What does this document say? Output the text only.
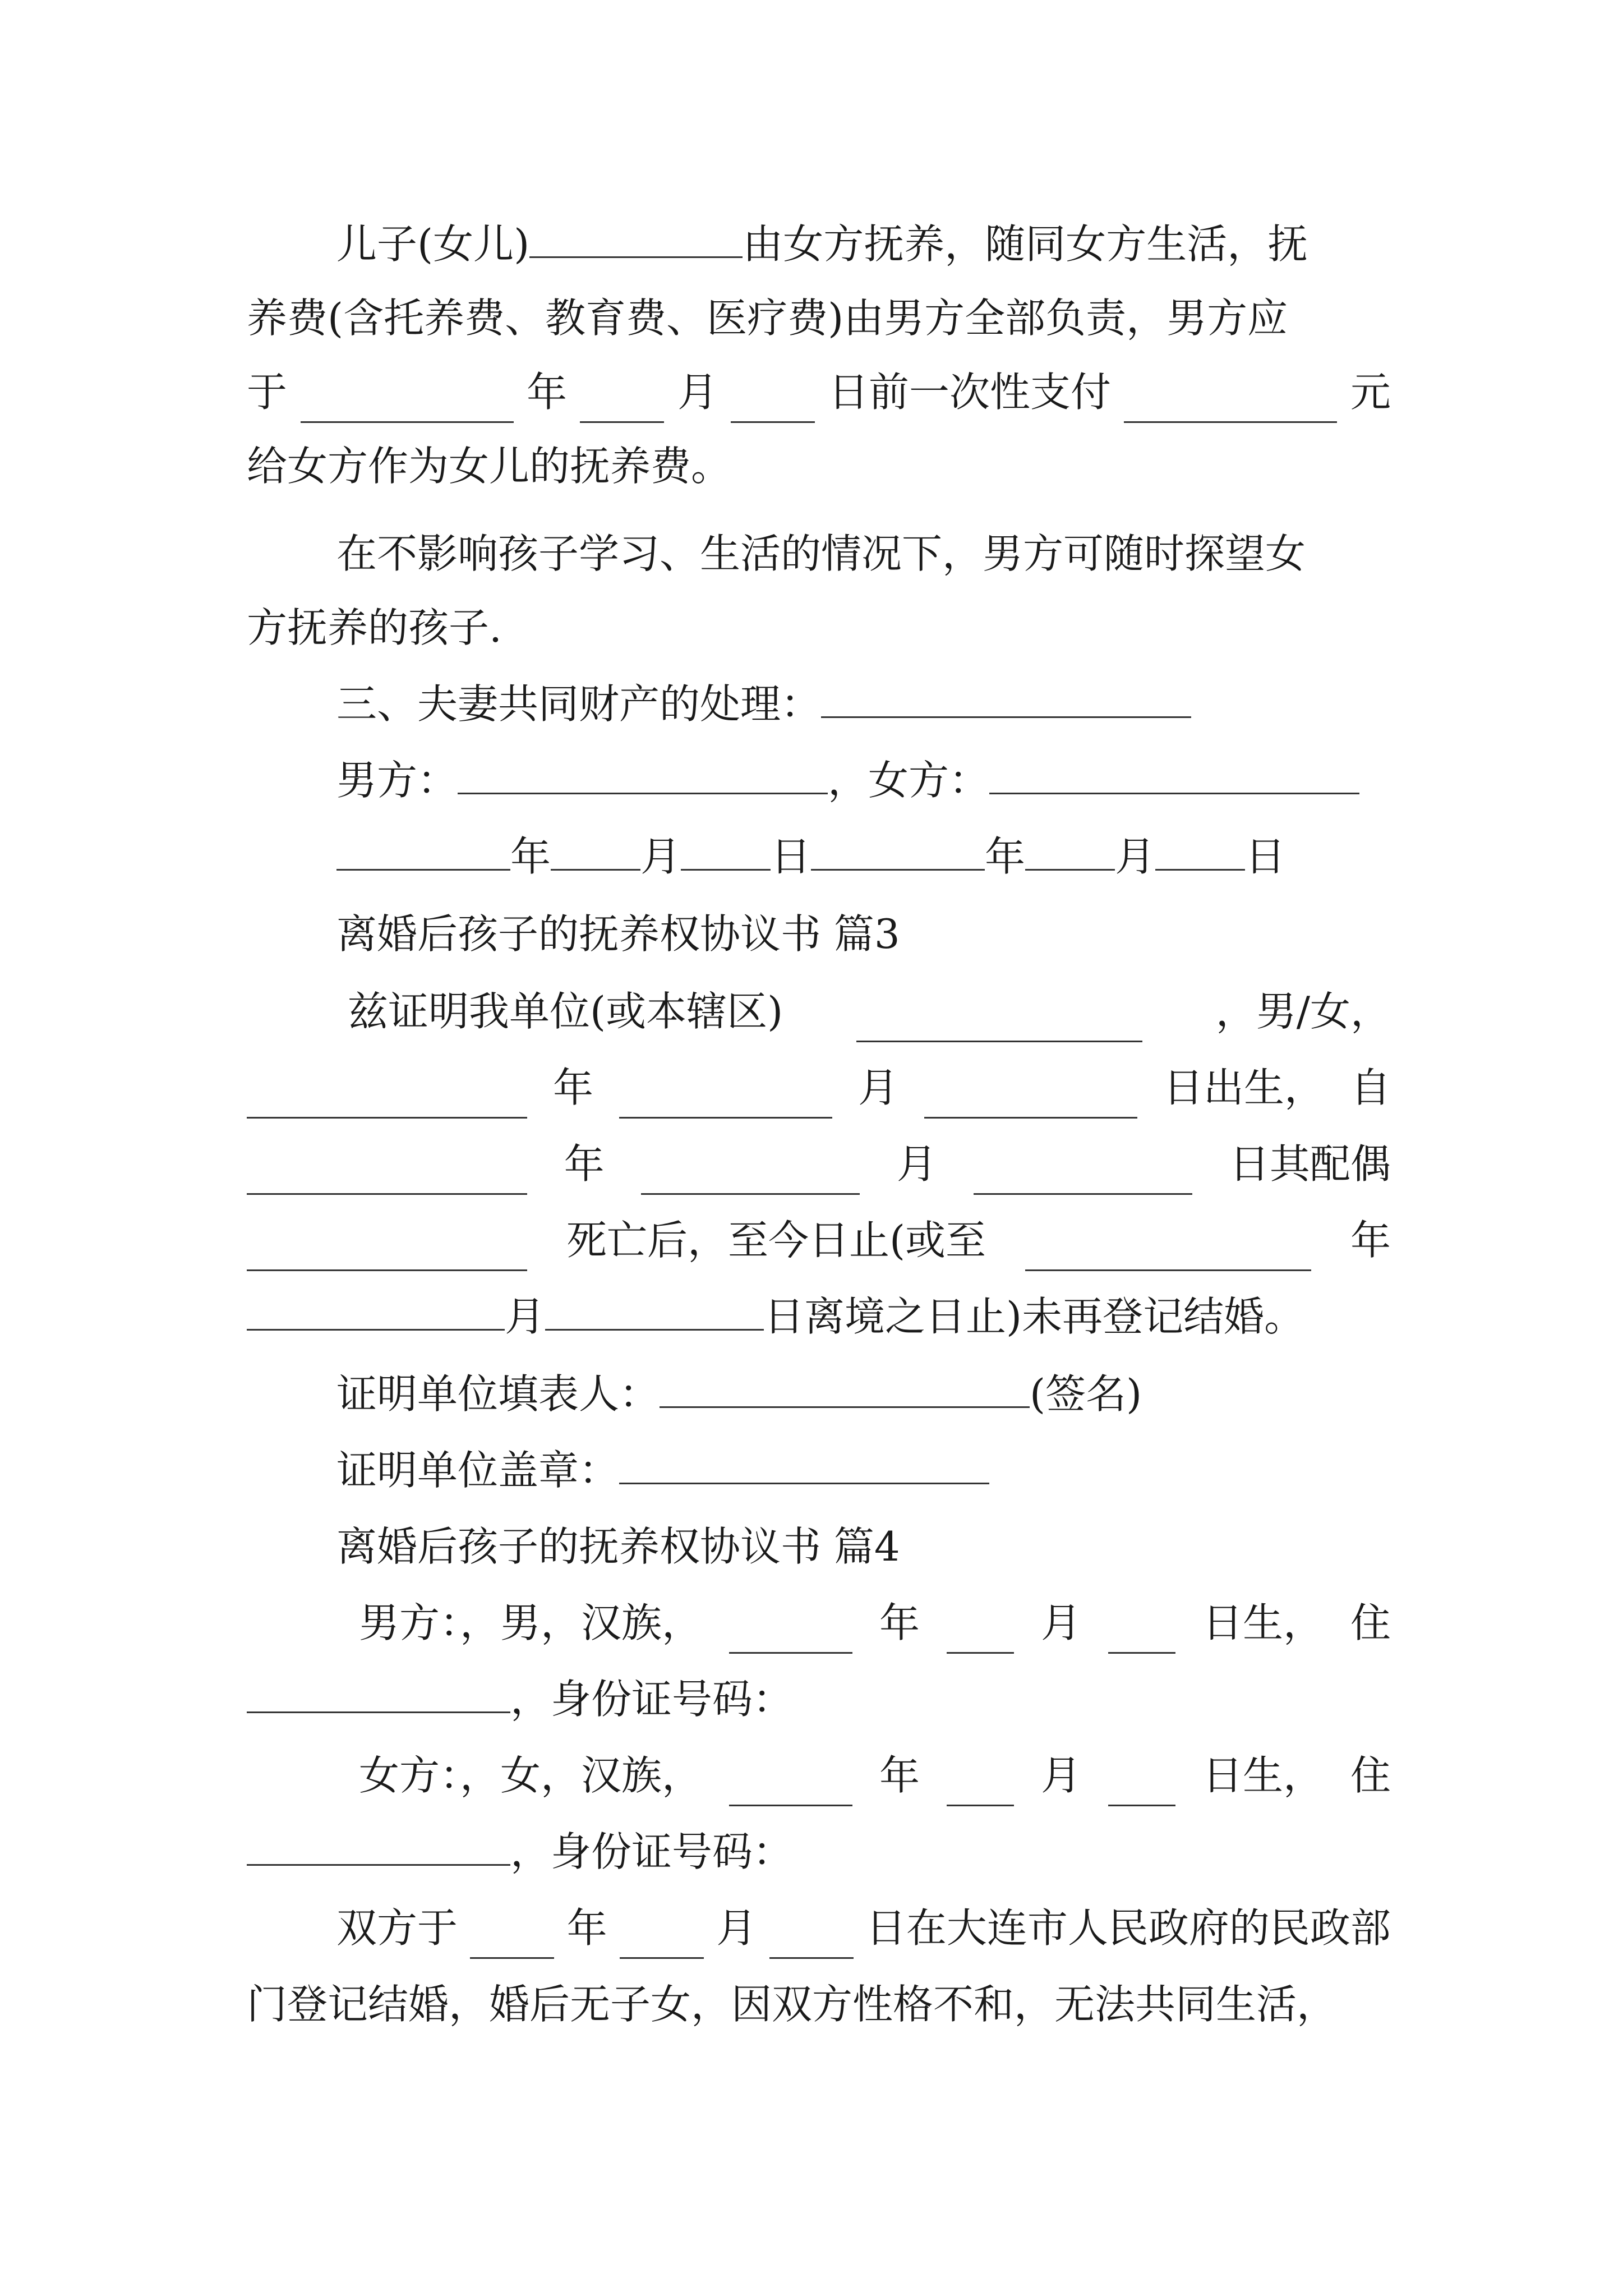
儿子(女儿)	由女方抚养，随同女方生活，抚
养费(含托养费、教育费、医疗费)由男方全部负责，男方应
于	年	月	日前一次性支付	元
给女方作为女儿的抚养费。
在不影响孩子学习、生活的情况下，男方可随时探望女
方抚养的孩子.
三、夫妻共同财产的处理：
男方：	，女方：
年 月 日	年 月 日
离婚后孩子的抚养权协议书 篇3
兹证明我单位(或本辖区)	，男/女，
年	月	日出生， 自
年	月	日其配偶
死亡后，至今日止(或至	年
月	日离境之日止)未再登记结婚。
证明单位填表人：	(签名)
证明单位盖章：
离婚后孩子的抚养权协议书 篇4
男方：，男，汉族，	年	月	日生， 住
，身份证号码：
女方：，女，汉族，	年	月	日生， 住
，身份证号码：
双方于	年	月	日在大连市人民政府的民政部
门登记结婚，婚后无子女，因双方性格不和，无法共同生活，
